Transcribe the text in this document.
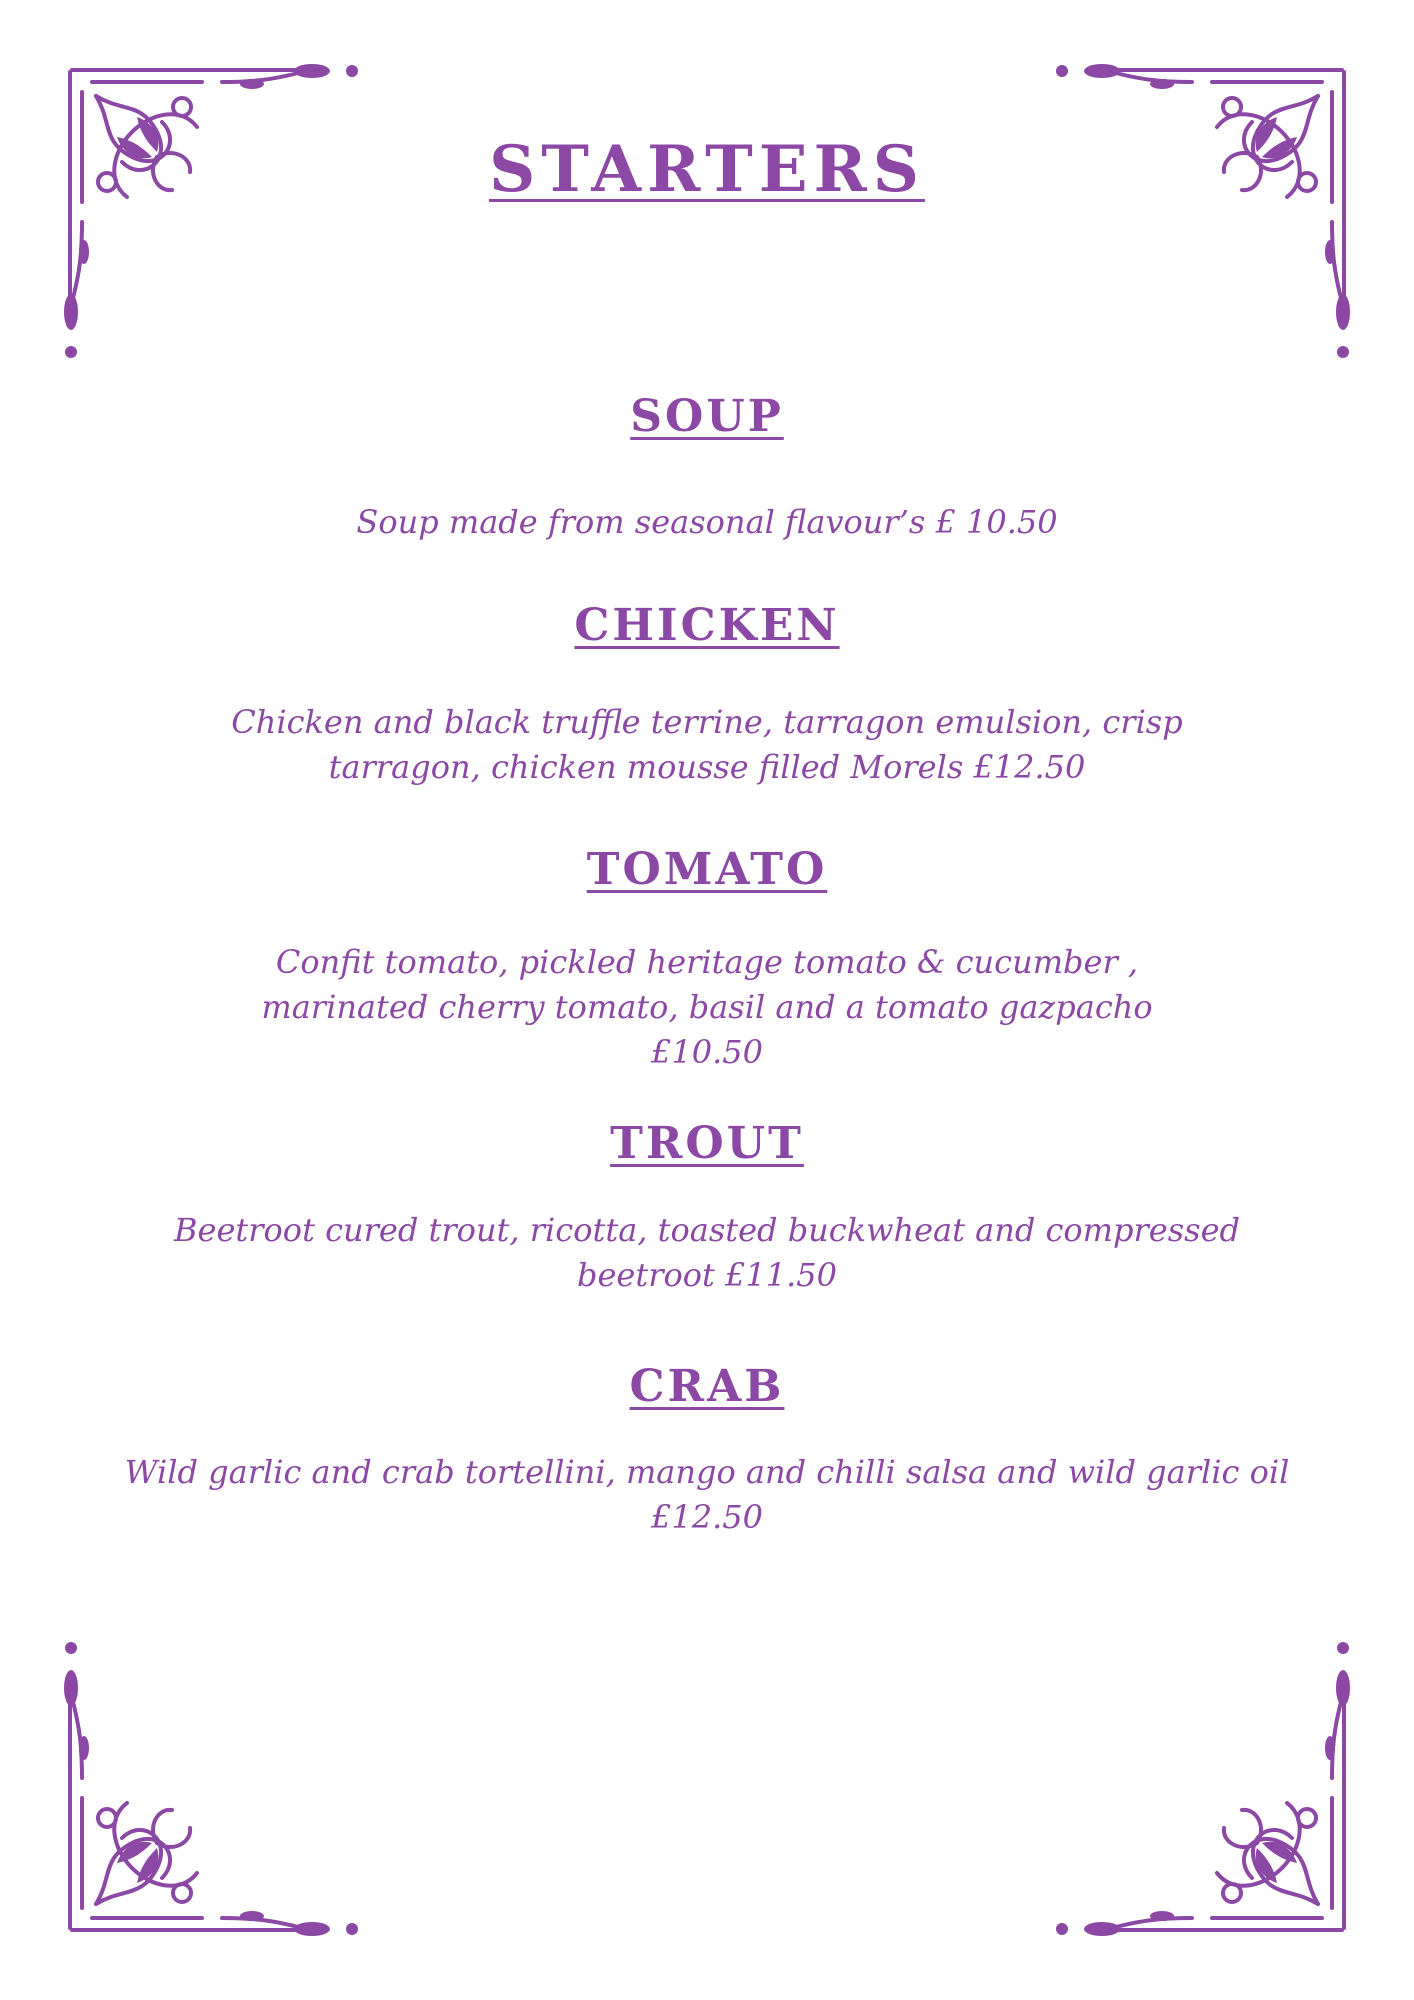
STARTERS
SOUP

Soup made from seasonal flavour’s £ 10.50

CHICKEN

Chicken and black truffle terrine, tarragon emulsion, crisp
tarragon, chicken mousse filled Morels £12.50

TOMATO

Confit tomato, pickled heritage tomato & cucumber ,
marinated cherry tomato, basil and a tomato gazpacho
£10.50

TROUT

Beetroot cured trout, ricotta, toasted buckwheat and compressed
beetroot £11.50

CRAB

Wild garlic and crab tortellini, mango and chilli salsa and wild garlic oil
£12.50
